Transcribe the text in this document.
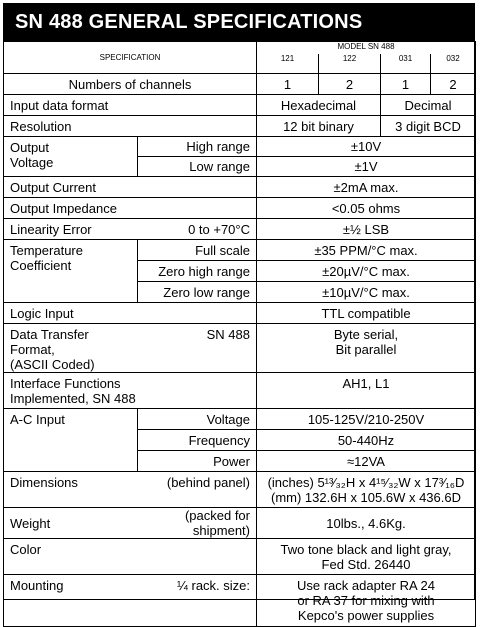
SN 488 GENERAL SPECIFICATIONS
SPECIFICATION		MODEL SN 488			
		121	122	031	032
Numbers of channels		1	2	1	2
Input data format		Hexadecimal		Decimal	
Resolution		12 bit binary		3 digit BCD	

Output
Voltage	High range	±10V			
	Low range	±1V			
Output Current		±2mA max.			
Output Impedance		<0.05 ohms			
Linearity Error	0 to +70°C	±½ LSB			

Temperature
Coefficient	Full scale	±35 PPM/°C max.			
	Zero high range	±20µV/°C max.			
	Zero low range	±10µV/°C max.			
Logic Input		TTL compatible			

Data Transfer Format,
(ASCII Coded)	SN 488	Byte serial,
Bit parallel			

Interface Functions
Implemented, SN 488		AH1, L1			
A-C Input	Voltage	105-125V/210-250V			
	Frequency	50-440Hz			
	Power	≈12VA			
Dimensions	(behind panel)	(inches) 5¹³⁄₃₂H x 4¹⁵⁄₃₂W x 17³⁄₁₆D
(mm) 132.6H x 105.6W x 436.6D			

Weight	(packed for shipment)	10lbs., 4.6Kg.			
Color		Two tone black and light gray,
Fed Std. 26440			

Mounting	¼ rack. size:	Use rack adapter RA 24
or RA 37 for mixing with
Kepco's power supplies			
